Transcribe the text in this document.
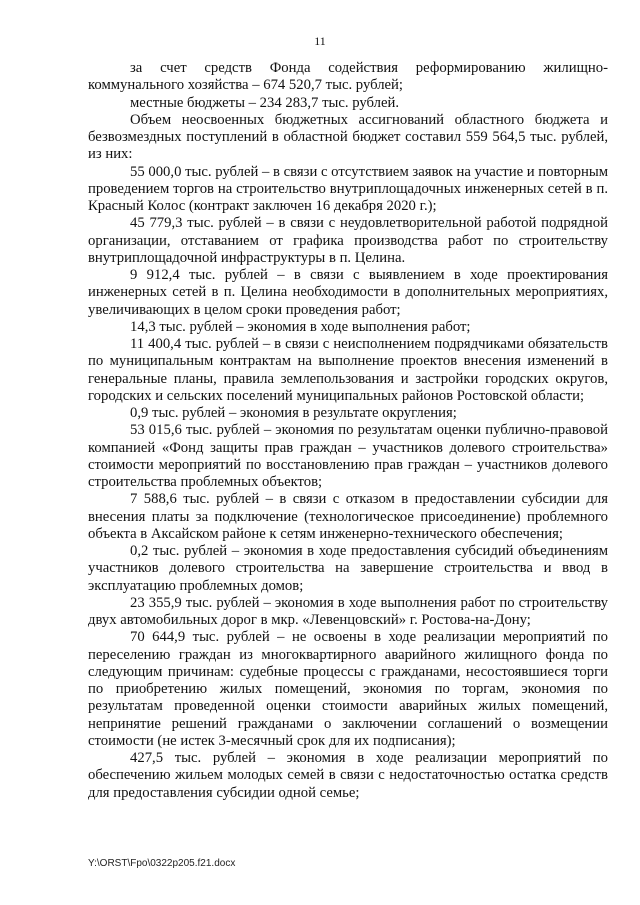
11

за счет средств Фонда содействия реформированию жилищно-коммунального хозяйства – 674 520,7 тыс. рублей;

местные бюджеты – 234 283,7 тыс. рублей.

Объем неосвоенных бюджетных ассигнований областного бюджета и безвозмездных поступлений в областной бюджет составил 559 564,5 тыс. рублей, из них:

55 000,0 тыс. рублей – в связи с отсутствием заявок на участие и повторным проведением торгов на строительство внутриплощадочных инженерных сетей в п. Красный Колос (контракт заключен 16 декабря 2020 г.);

45 779,3 тыс. рублей – в связи с неудовлетворительной работой подрядной организации, отставанием от графика производства работ по строительству внутриплощадочной инфраструктуры в п. Целина.

9 912,4 тыс. рублей – в связи с выявлением в ходе проектирования инженерных сетей в п. Целина необходимости в дополнительных мероприятиях, увеличивающих в целом сроки проведения работ;

14,3 тыс. рублей – экономия в ходе выполнения работ;

11 400,4 тыс. рублей – в связи с неисполнением подрядчиками обязательств по муниципальным контрактам на выполнение проектов внесения изменений в генеральные планы, правила землепользования и застройки городских округов, городских и сельских поселений муниципальных районов Ростовской области;

0,9 тыс. рублей – экономия в результате округления;

53 015,6 тыс. рублей – экономия по результатам оценки публично-правовой компанией «Фонд защиты прав граждан – участников долевого строительства» стоимости мероприятий по восстановлению прав граждан – участников долевого строительства проблемных объектов;

7 588,6 тыс. рублей – в связи с отказом в предоставлении субсидии для внесения платы за подключение (технологическое присоединение) проблемного объекта в Аксайском районе к сетям инженерно-технического обеспечения;

0,2 тыс. рублей – экономия в ходе предоставления субсидий объединениям участников долевого строительства на завершение строительства и ввод в эксплуатацию проблемных домов;

23 355,9 тыс. рублей – экономия в ходе выполнения работ по строительству двух автомобильных дорог в мкр. «Левенцовский» г. Ростова-на-Дону;

70 644,9 тыс. рублей – не освоены в ходе реализации мероприятий по переселению граждан из многоквартирного аварийного жилищного фонда по следующим причинам: судебные процессы с гражданами, несостоявшиеся торги по приобретению жилых помещений, экономия по торгам, экономия по результатам проведенной оценки стоимости аварийных жилых помещений, непринятие решений гражданами о заключении соглашений о возмещении стоимости (не истек 3-месячный срок для их подписания);

427,5 тыс. рублей – экономия в ходе реализации мероприятий по обеспечению жильем молодых семей в связи с недостаточностью остатка средств для предоставления субсидии одной семье;

Y:\ORST\Fpo\0322p205.f21.docx
